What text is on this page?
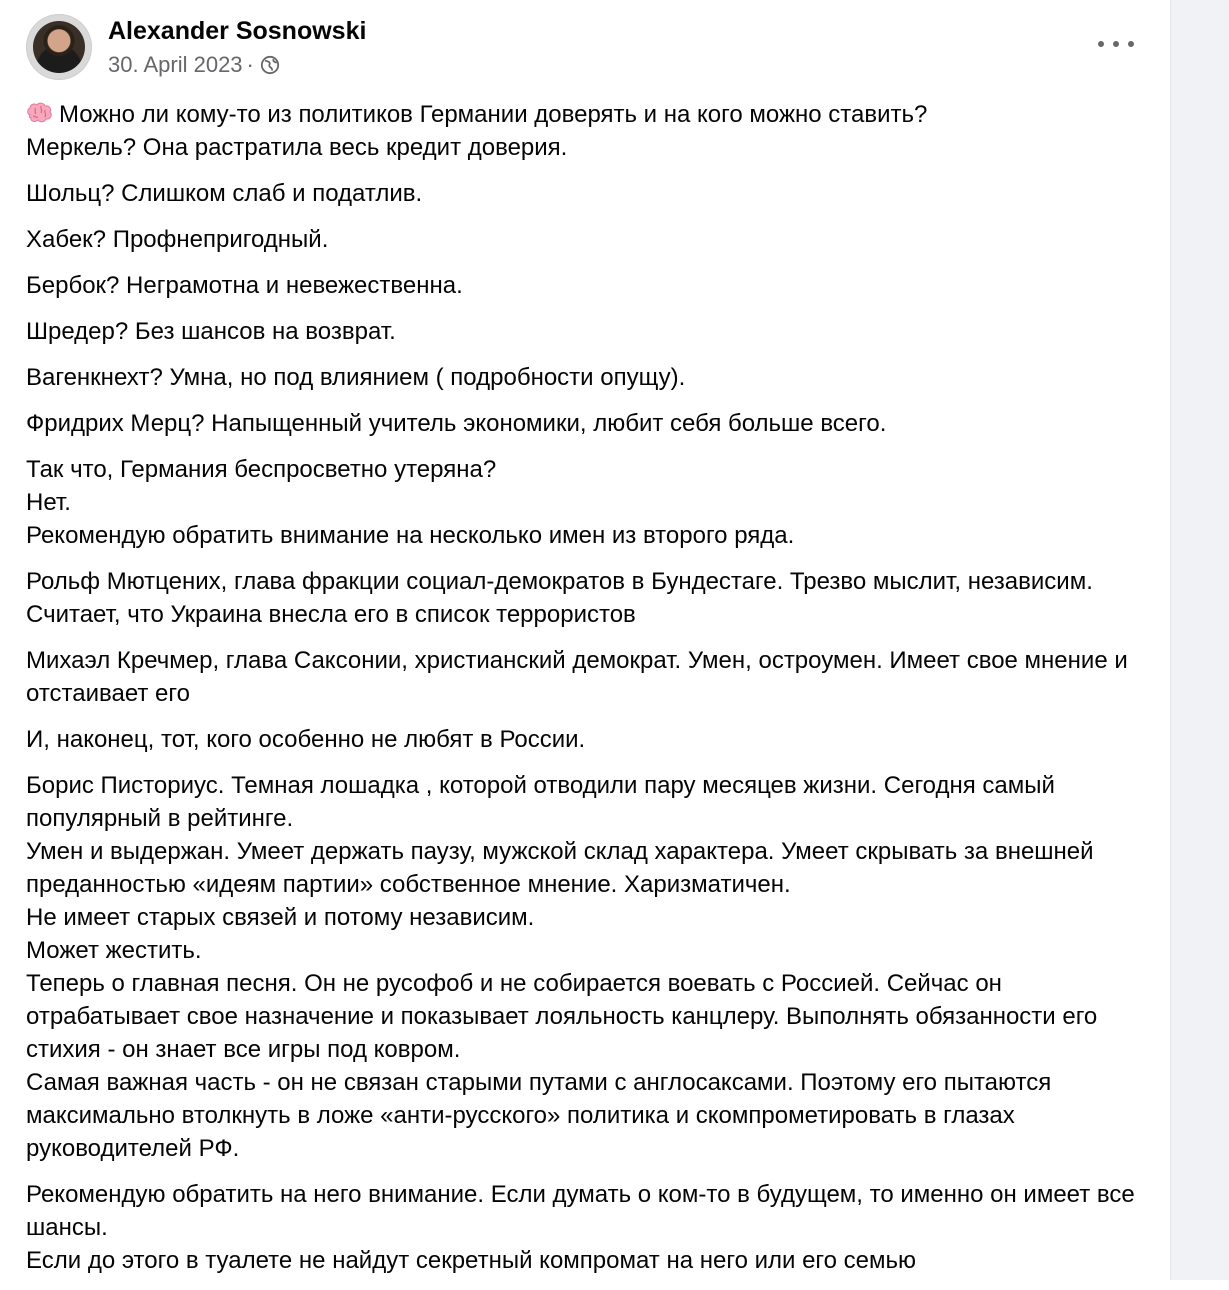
Alexander Sosnowski
30. April 2023 ·

Можно ли кому-то из политиков Германии доверять и на кого можно ставить?
Меркель? Она растратила весь кредит доверия.

Шольц? Слишком слаб и податлив.

Хабек? Профнепригодный.

Бербок? Неграмотна и невежественна.

Шредер? Без шансов на возврат.

Вагенкнехт? Умна, но под влиянием ( подробности опущу).

Фридрих Мерц? Напыщенный учитель экономики, любит себя больше всего.

Так что, Германия беспросветно утеряна?
Нет.
Рекомендую обратить внимание на несколько имен из второго ряда.

Рольф Мютцених, глава фракции социал-демократов в Бундестаге. Трезво мыслит, независим. Считает, что Украина внесла его в список террористов

Михаэл Кречмер, глава Саксонии, христианский демократ. Умен, остроумен. Имеет свое мнение и отстаивает его

И, наконец, тот, кого особенно не любят в России.

Борис Писториус. Темная лошадка , которой отводили пару месяцев жизни. Сегодня самый популярный в рейтинге.
Умен и выдержан. Умеет держать паузу, мужской склад характера. Умеет скрывать за внешней преданностью «идеям партии» собственное мнение. Харизматичен.
Не имеет старых связей и потому независим.
Может жестить.
Теперь о главная песня. Он не русофоб и не собирается воевать с Россией. Сейчас он отрабатывает свое назначение и показывает лояльность канцлеру. Выполнять обязанности его стихия - он знает все игры под ковром.
Самая важная часть - он не связан старыми путами с англосаксами. Поэтому его пытаются максимально втолкнуть в ложе «анти-русского» политика и скомпрометировать в глазах руководителей РФ.

Рекомендую обратить на него внимание. Если думать о ком-то в будущем, то именно он имеет все шансы.
Если до этого в туалете не найдут секретный компромат на него или его семью
